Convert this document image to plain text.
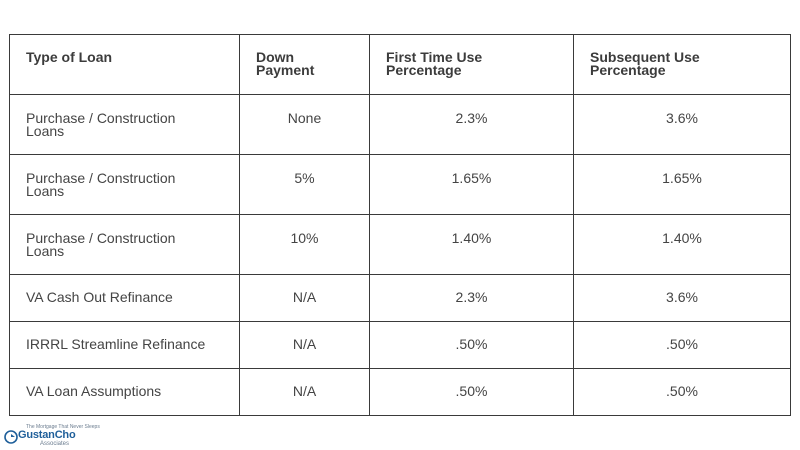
Type of Loan	Down Payment	First Time Use Percentage	Subsequent Use Percentage

Purchase / Construction Loans	None	2.3%	3.6%

Purchase / Construction Loans	5%	1.65%	1.65%

Purchase / Construction Loans	10%	1.40%	1.40%
VA Cash Out Refinance	N/A	2.3%	3.6%
IRRRL Streamline Refinance	N/A	.50%	.50%
VA Loan Assumptions	N/A	.50%	.50%
The Mortgage That Never Sleeps
GustanCho
Associates
